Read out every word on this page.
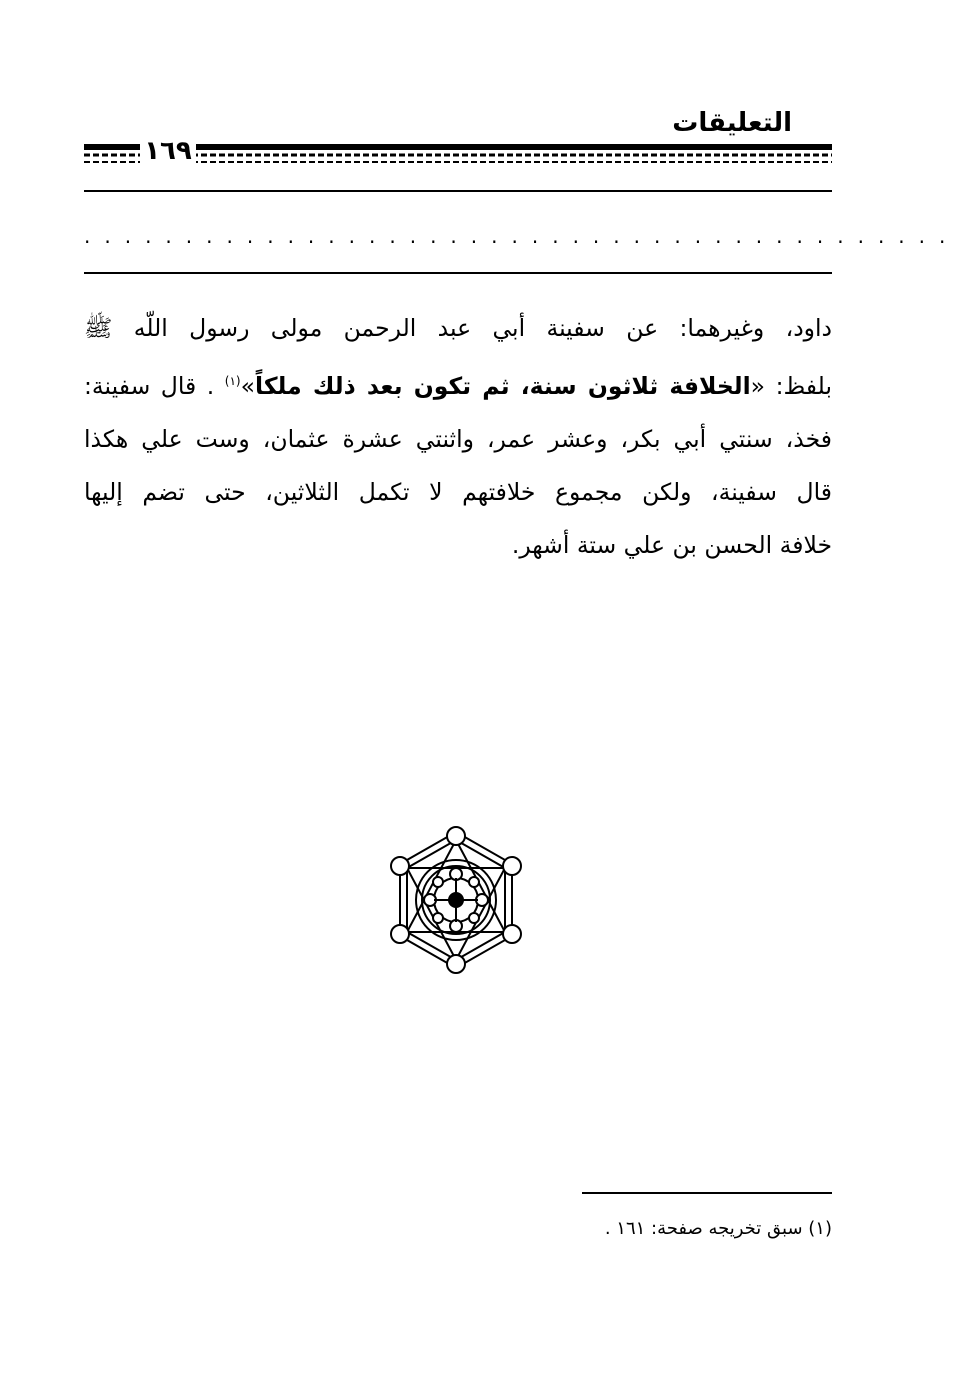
التعليقات
١٦٩
...........................................
داود، وغيرهما: عن سفينة أبي عبد الرحمن مولى رسول اللّه ﷺ
بلفظ: «الخلافة ثلاثون سنة، ثم تكون بعد ذلك ملكاً»$^{(١)}$ . قال سفينة:
فخذ، سنتي أبي بكر، وعشر عمر، واثنتي عشرة عثمان، وست علي هكذا
قال سفينة، ولكن مجموع خلافتهم لا تكمل الثلاثين، حتى تضم إليها
خلافة الحسن بن علي ستة أشهر.
(١) سبق تخريجه صفحة: ١٦١ .
